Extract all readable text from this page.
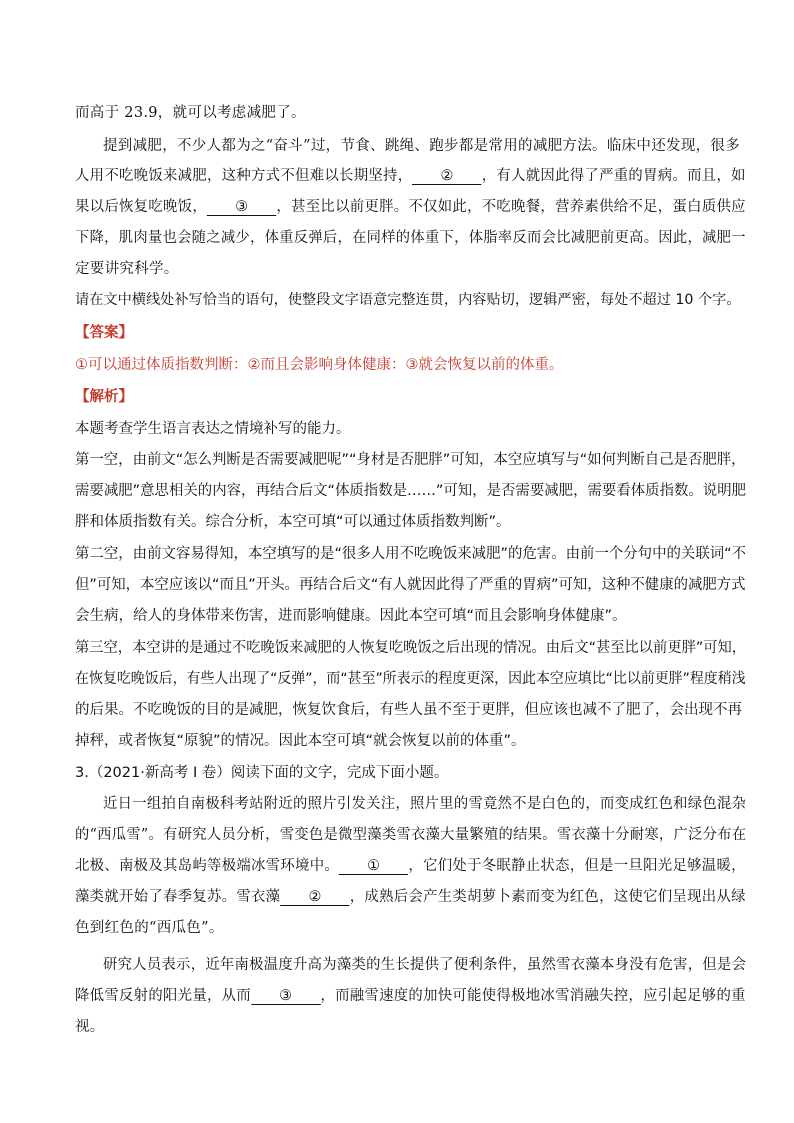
而高于 23.9，就可以考虑减肥了。
提到减肥，不少人都为之“奋斗”过，节食、跳绳、跑步都是常用的减肥方法。临床中还发现，很多
人用不吃晚饭来减肥，这种方式不但难以长期坚持， ② ，有人就因此得了严重的胃病。而且，如
果以后恢复吃晚饭， ③ ，甚至比以前更胖。不仅如此，不吃晚餐，营养素供给不足，蛋白质供应
下降，肌肉量也会随之减少，体重反弹后，在同样的体重下，体脂率反而会比减肥前更高。因此，减肥一
定要讲究科学。
请在文中横线处补写恰当的语句，使整段文字语意完整连贯，内容贴切，逻辑严密，每处不超过 10 个字。
【答案】
①可以通过体质指数判断：②而且会影响身体健康：③就会恢复以前的体重。
【解析】
本题考查学生语言表达之情境补写的能力。
第一空，由前文“怎么判断是否需要减肥呢”“身材是否肥胖”可知，本空应填写与“如何判断自己是否肥胖，
需要减肥”意思相关的内容，再结合后文“体质指数是……”可知，是否需要减肥，需要看体质指数。说明肥
胖和体质指数有关。综合分析，本空可填“可以通过体质指数判断”。
第二空，由前文容易得知，本空填写的是“很多人用不吃晚饭来减肥”的危害。由前一个分句中的关联词“不
但”可知，本空应该以“而且”开头。再结合后文“有人就因此得了严重的胃病”可知，这种不健康的减肥方式
会生病，给人的身体带来伤害，进而影响健康。因此本空可填“而且会影响身体健康”。
第三空，本空讲的是通过不吃晚饭来减肥的人恢复吃晚饭之后出现的情况。由后文“甚至比以前更胖”可知，
在恢复吃晚饭后，有些人出现了“反弹”，而“甚至”所表示的程度更深，因此本空应填比“比以前更胖”程度稍浅
的后果。不吃晚饭的目的是减肥，恢复饮食后，有些人虽不至于更胖，但应该也减不了肥了，会出现不再
掉秤，或者恢复“原貌”的情况。因此本空可填“就会恢复以前的体重”。
3.（2021·新高考 I 卷）阅读下面的文字，完成下面小题。
近日一组拍自南极科考站附近的照片引发关注，照片里的雪竟然不是白色的，而变成红色和绿色混杂
的“西瓜雪”。有研究人员分析，雪变色是微型藻类雪衣藻大量繁殖的结果。雪衣藻十分耐寒，广泛分布在
北极、南极及其岛屿等极端冰雪环境中。 ① ，它们处于冬眠静止状态，但是一旦阳光足够温暖，
藻类就开始了春季复苏。雪衣藻 ② ，成熟后会产生类胡萝卜素而变为红色，这使它们呈现出从绿
色到红色的“西瓜色”。
研究人员表示，近年南极温度升高为藻类的生长提供了便利条件，虽然雪衣藻本身没有危害，但是会
降低雪反射的阳光量，从而 ③ ，而融雪速度的加快可能使得极地冰雪消融失控，应引起足够的重
视。
